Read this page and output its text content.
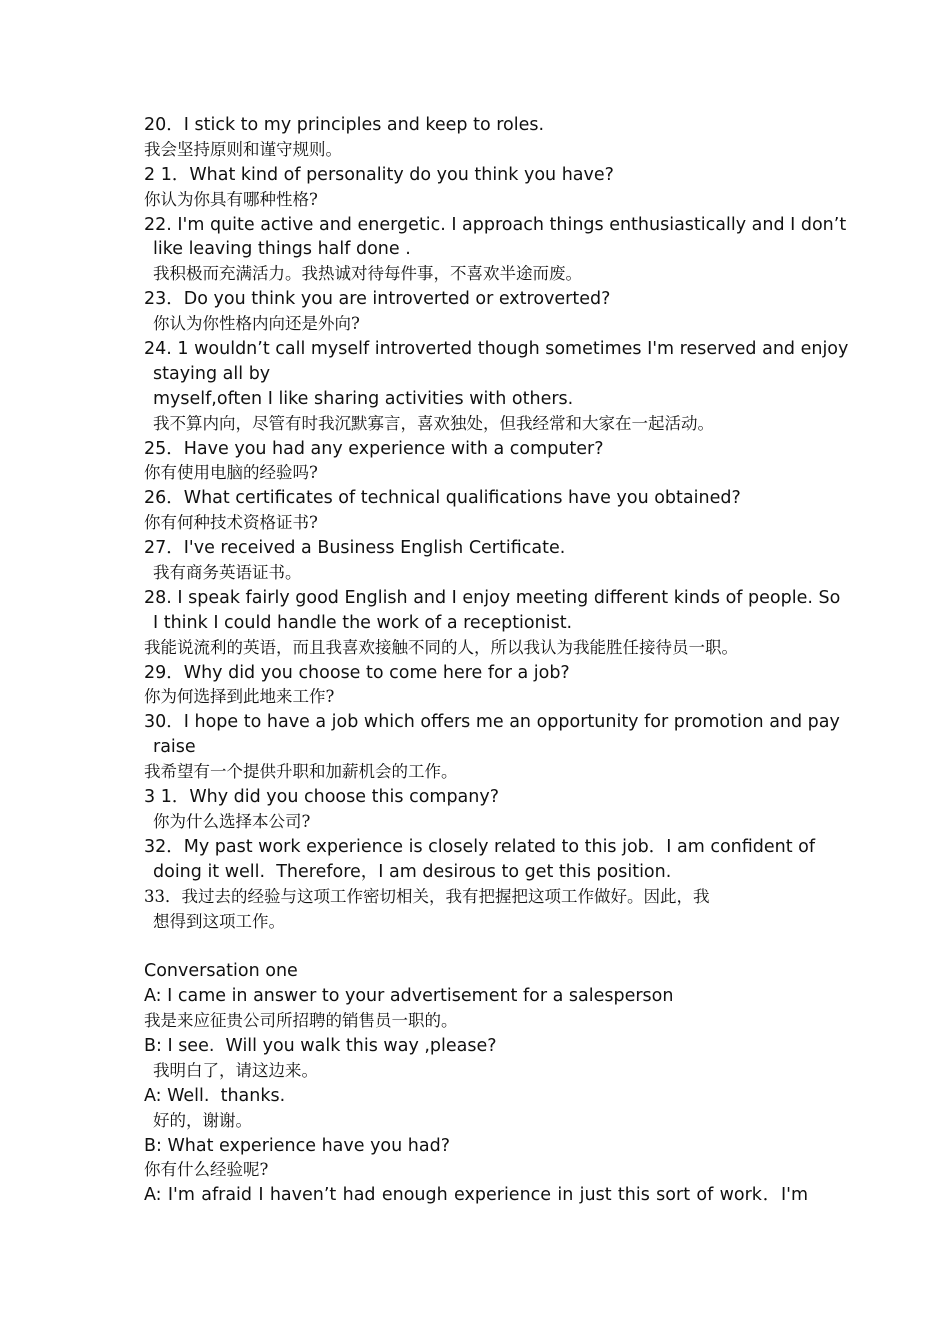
20．I stick to my principles and keep to roles.
我会坚持原则和谨守规则。
2 1．What kind of personality do you think you have?
你认为你具有哪种性格?
22. I'm quite active and energetic. I approach things enthusiastically and I don’t
like leaving things half done .
我积极而充满活力。我热诚对待每件事，不喜欢半途而废。
23．Do you think you are introverted or extroverted?
你认为你性格内向还是外向?
24. 1 wouldn’t call myself introverted though sometimes I'm reserved and enjoy
staying all by
myself,often I like sharing activities with others.
我不算内向，尽管有时我沉默寡言，喜欢独处，但我经常和大家在一起活动。
25．Have you had any experience with a computer?
你有使用电脑的经验吗?
26．What certificates of technical qualifications have you obtained?
你有何种技术资格证书?
27．I've received a Business English Certificate.
我有商务英语证书。
28. I speak fairly good English and I enjoy meeting different kinds of people. So
I think I could handle the work of a receptionist.
我能说流利的英语，而且我喜欢接触不同的人，所以我认为我能胜任接待员一职。
29．Why did you choose to come here for a job?
你为何选择到此地来工作?
30．I hope to have a job which offers me an opportunity for promotion and pay
raise
我希望有一个提供升职和加薪机会的工作。
3 1．Why did you choose this company?
你为什么选择本公司?
32．My past work experience is closely related to this job．I am confident of
doing it well.  Therefore，I am desirous to get this position.
33．我过去的经验与这项工作密切相关，我有把握把这项工作做好。因此，我
想得到这项工作。
Conversation one
A: I came in answer to your advertisement for a salesperson
我是来应征贵公司所招聘的销售员一职的。
B: I see.  Will you walk this way ,please?
我明白了，请这边来。
A: Well.  thanks.
好的，谢谢。
B: What experience have you had?
你有什么经验呢?
A: I'm afraid I haven’t had enough experience in just this sort of work．I'm
